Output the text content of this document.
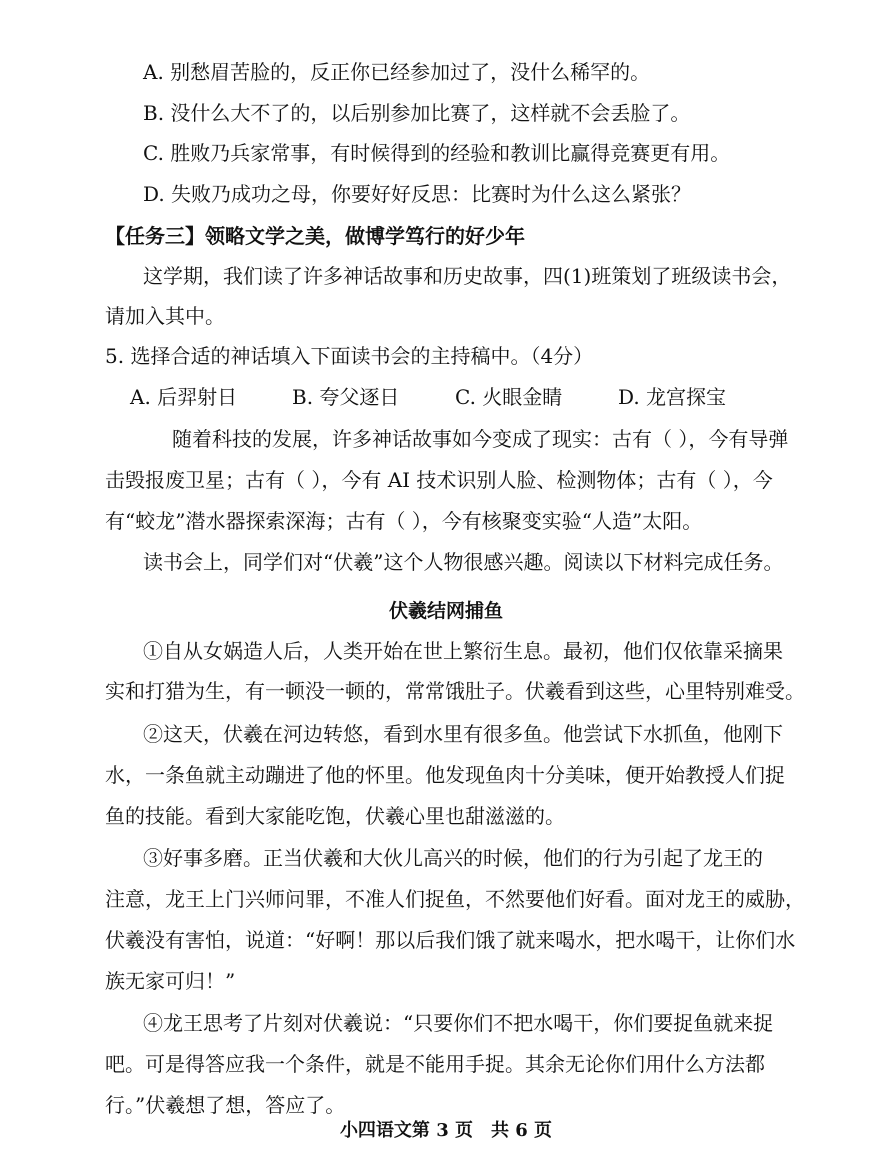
A. 别愁眉苦脸的，反正你已经参加过了，没什么稀罕的。
B. 没什么大不了的，以后别参加比赛了，这样就不会丢脸了。
C. 胜败乃兵家常事，有时候得到的经验和教训比赢得竞赛更有用。
D. 失败乃成功之母，你要好好反思：比赛时为什么这么紧张？
【任务三】领略文学之美，做博学笃行的好少年
这学期，我们读了许多神话故事和历史故事，四(1)班策划了班级读书会，
请加入其中。
5. 选择合适的神话填入下面读书会的主持稿中。（4分）
A. 后羿射日	B. 夸父逐日	C. 火眼金睛	D. 龙宫探宝
随着科技的发展，许多神话故事如今变成了现实：古有（ ），今有导弹
击毁报废卫星；古有（ ），今有 AI 技术识别人脸、检测物体；古有（ ），今
有“蛟龙”潜水器探索深海；古有（ ），今有核聚变实验“人造”太阳。
读书会上，同学们对“伏羲”这个人物很感兴趣。阅读以下材料完成任务。
伏羲结网捕鱼
①自从女娲造人后，人类开始在世上繁衍生息。最初，他们仅依靠采摘果
实和打猎为生，有一顿没一顿的，常常饿肚子。伏羲看到这些，心里特别难受。
②这天，伏羲在河边转悠，看到水里有很多鱼。他尝试下水抓鱼，他刚下
水，一条鱼就主动蹦进了他的怀里。他发现鱼肉十分美味，便开始教授人们捉
鱼的技能。看到大家能吃饱，伏羲心里也甜滋滋的。
③好事多磨。正当伏羲和大伙儿高兴的时候，他们的行为引起了龙王的
注意，龙王上门兴师问罪，不准人们捉鱼，不然要他们好看。面对龙王的威胁，
伏羲没有害怕，说道：“好啊！那以后我们饿了就来喝水，把水喝干，让你们水
族无家可归！”
④龙王思考了片刻对伏羲说：“只要你们不把水喝干，你们要捉鱼就来捉
吧。可是得答应我一个条件，就是不能用手捉。其余无论你们用什么方法都
行。”伏羲想了想，答应了。
小四语文第 3 页　共 6 页
